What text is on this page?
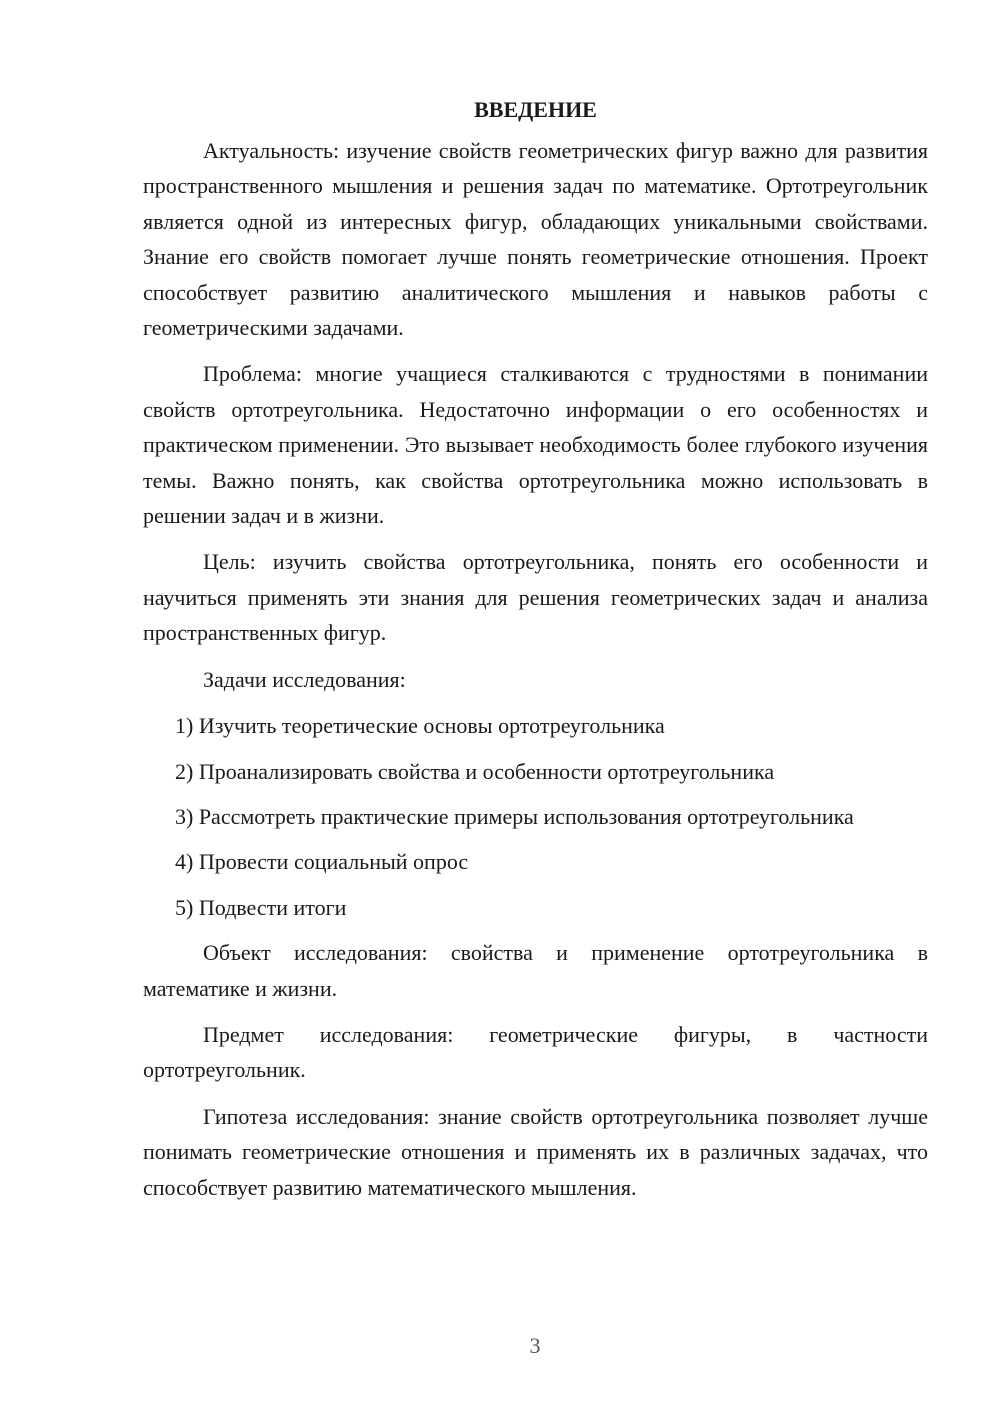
ВВЕДЕНИЕ

Актуальность: изучение свойств геометрических фигур важно для развития пространственного мышления и решения задач по математике. Ортотреугольник является одной из интересных фигур, обладающих уникальными свойствами. Знание его свойств помогает лучше понять геометрические отношения. Проект способствует развитию аналитического мышления и навыков работы с геометрическими задачами.

Проблема: многие учащиеся сталкиваются с трудностями в понимании свойств ортотреугольника. Недостаточно информации о его особенностях и практическом применении. Это вызывает необходимость более глубокого изучения темы. Важно понять, как свойства ортотреугольника можно использовать в решении задач и в жизни.

Цель: изучить свойства ортотреугольника, понять его особенности и научиться применять эти знания для решения геометрических задач и анализа пространственных фигур.

Задачи исследования:

1) Изучить теоретические основы ортотреугольника

2) Проанализировать свойства и особенности ортотреугольника

3) Рассмотреть практические примеры использования ортотреугольника

4) Провести социальный опрос

5) Подвести итоги

Объект исследования: свойства и применение ортотреугольника в математике и жизни.

Предмет исследования: геометрические фигуры, в частности ортотреугольник.

Гипотеза исследования: знание свойств ортотреугольника позволяет лучше понимать геометрические отношения и применять их в различных задачах, что способствует развитию математического мышления.

3
